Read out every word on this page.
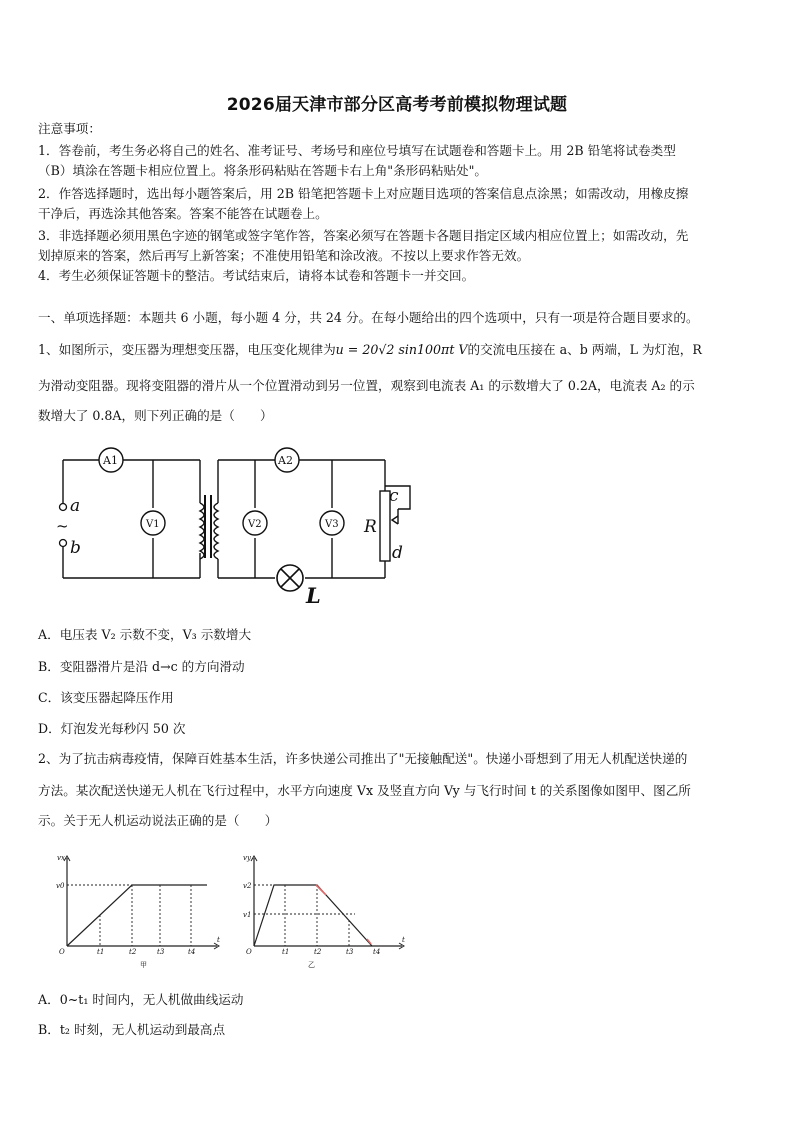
2026届天津市部分区高考考前模拟物理试题
注意事项：
1．答卷前，考生务必将自己的姓名、准考证号、考场号和座位号填写在试题卷和答题卡上。用 2B 铅笔将试卷类型
（B）填涂在答题卡相应位置上。将条形码粘贴在答题卡右上角"条形码粘贴处"。
2．作答选择题时，选出每小题答案后，用 2B 铅笔把答题卡上对应题目选项的答案信息点涂黑；如需改动，用橡皮擦
干净后，再选涂其他答案。答案不能答在试题卷上。
3．非选择题必须用黑色字迹的钢笔或签字笔作答，答案必须写在答题卡各题目指定区域内相应位置上；如需改动，先
划掉原来的答案，然后再写上新答案；不准使用铅笔和涂改液。不按以上要求作答无效。
4．考生必须保证答题卡的整洁。考试结束后，请将本试卷和答题卡一并交回。
一、单项选择题：本题共 6 小题，每小题 4 分，共 24 分。在每小题给出的四个选项中，只有一项是符合题目要求的。
1、如图所示，变压器为理想变压器，电压变化规律为u = 20√2 sin100πt V的交流电压接在 a、b 两端，L 为灯泡，R
为滑动变阻器。现将变阻器的滑片从一个位置滑动到另一位置，观察到电流表 A₁ 的示数增大了 0.2A，电流表 A₂ 的示
数增大了 0.8A，则下列正确的是（　　）
A1	A2
V1	V2	V3
a
~
b
c
d
R
L
A．电压表 V₂ 示数不变，V₃ 示数增大
B．变阻器滑片是沿 d→c 的方向滑动
C．该变压器起降压作用
D．灯泡发光每秒闪 50 次
2、为了抗击病毒疫情，保障百姓基本生活，许多快递公司推出了"无接触配送"。快递小哥想到了用无人机配送快递的
方法。某次配送快递无人机在飞行过程中，水平方向速度 Vx 及竖直方向 Vy 与飞行时间 t 的关系图像如图甲、图乙所
示。关于无人机运动说法正确的是（　　）
vx
v0
O	t1	t2	t3	t4
t
甲
vy
v2
v1
O	t1	t2	t3	t4
t
乙
A．0~t₁ 时间内，无人机做曲线运动
B．t₂ 时刻，无人机运动到最高点
